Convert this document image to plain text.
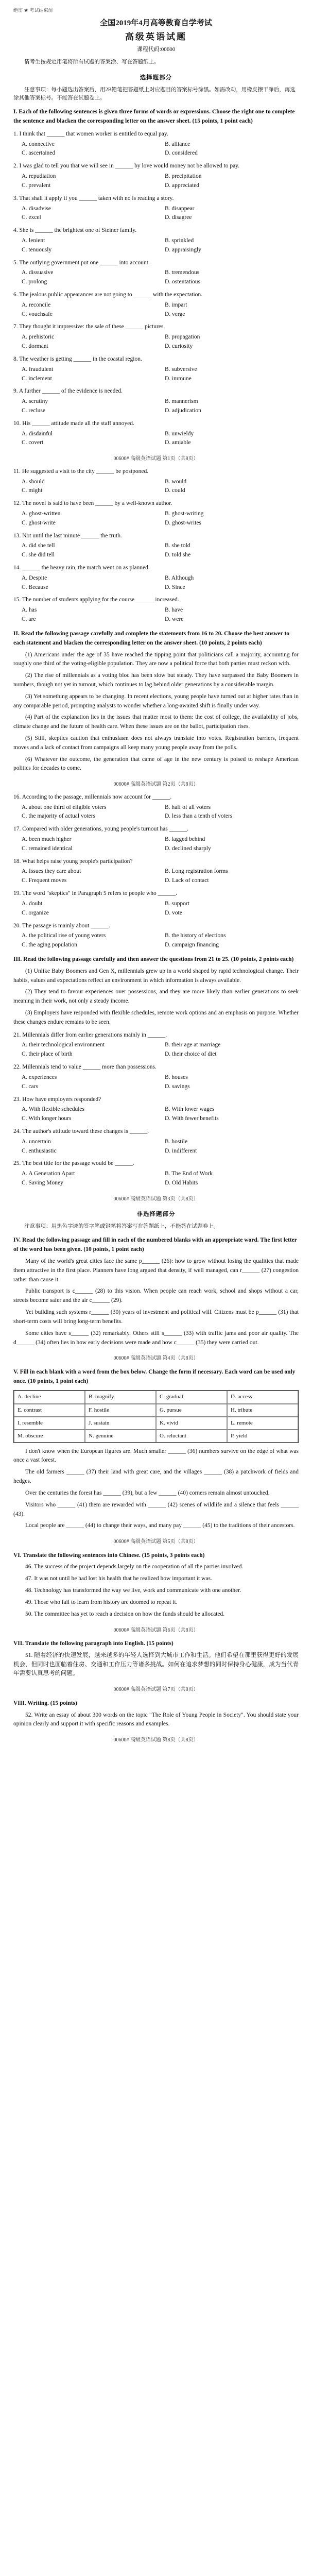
绝密 ★ 考试结束前
全国2019年4月高等教育自学考试
高级英语试题
课程代码:00600
请考生按规定用笔将所有试题的答案涂、写在答题纸上。
选择题部分
注意事项：每小题选出答案后，用2B铅笔把答题纸上对应题目的答案标号涂黑。如需改动，用橡皮擦干净后，再选涂其他答案标号。不能答在试题卷上。
I. Each of the following sentences is given three forms of words or expressions. Choose the right one to complete the sentence and blacken the corresponding letter on the answer sheet. (15 points, 1 point each)
1. I think that ______ that women worker is entitled to equal pay.
A. connective	B. alliance
C. ascertained	D. considered
2. I was glad to tell you that we will see in ______ by love would money not be allowed to pay.
A. repudiation	B. precipitation
C. prevalent	D. appreciated
3. That shall it apply if you ______ taken with no is reading a story.
A. disadvise	B. disappear
C. excel	D. disagree
4. She is ______ the brightest one of Steiner family.
A. lenient	B. sprinkled
C. tenuously	D. appraisingly
5. The outlying government put one ______ into account.
A. dissuasive	B. tremendous
C. prolong	D. ostentatious
6. The jealous public appearances are not going to ______ with the expectation.
A. reconcile	B. impart
C. vouchsafe	D. verge
7. They thought it impressive: the sale of these ______ pictures.
A. prehistoric	B. propagation
C. dormant	D. curiosity
8. The weather is getting ______ in the coastal region.
A. fraudulent	B. subversive
C. inclement	D. immune
9. A further ______ of the evidence is needed.
A. scrutiny	B. mannerism
C. recluse	D. adjudication
10. His ______ attitude made all the staff annoyed.
A. disdainful	B. unwieldy
C. covert	D. amiable
00600# 高级英语试题 第1页（共8页）
11. He suggested a visit to the city ______ be postponed.
A. should	B. would
C. might	D. could
12. The novel is said to have been ______ by a well-known author.
A. ghost-written	B. ghost-writing
C. ghost-write	D. ghost-writes
13. Not until the last minute ______ the truth.
A. did she tell	B. she told
C. she did tell	D. told she
14. ______ the heavy rain, the match went on as planned.
A. Despite	B. Although
C. Because	D. Since
15. The number of students applying for the course ______ increased.
A. has	B. have
C. are	D. were
II. Read the following passage carefully and complete the statements from 16 to 20. Choose the best answer to each statement and blacken the corresponding letter on the answer sheet. (10 points, 2 points each)
(1) Americans under the age of 35 have reached the tipping point that politicians call a majority, accounting for roughly one third of the voting-eligible population. They are now a political force that both parties must reckon with.
(2) The rise of millennials as a voting bloc has been slow but steady. They have surpassed the Baby Boomers in numbers, though not yet in turnout, which continues to lag behind older generations by a considerable margin.
(3) Yet something appears to be changing. In recent elections, young people have turned out at higher rates than in any comparable period, prompting analysts to wonder whether a long-awaited shift is finally under way.
(4) Part of the explanation lies in the issues that matter most to them: the cost of college, the availability of jobs, climate change and the future of health care. When these issues are on the ballot, participation rises.
(5) Still, skeptics caution that enthusiasm does not always translate into votes. Registration barriers, frequent moves and a lack of contact from campaigns all keep many young people away from the polls.
(6) Whatever the outcome, the generation that came of age in the new century is poised to reshape American politics for decades to come.
00600# 高级英语试题 第2页（共8页）
16. According to the passage, millennials now account for ______.
A. about one third of eligible voters	B. half of all voters
C. the majority of actual voters	D. less than a tenth of voters
17. Compared with older generations, young people's turnout has ______.
A. been much higher	B. lagged behind
C. remained identical	D. declined sharply
18. What helps raise young people's participation?
A. Issues they care about	B. Long registration forms
C. Frequent moves	D. Lack of contact
19. The word "skeptics" in Paragraph 5 refers to people who ______.
A. doubt	B. support
C. organize	D. vote
20. The passage is mainly about ______.
A. the political rise of young voters	B. the history of elections
C. the aging population	D. campaign financing
III. Read the following passage carefully and then answer the questions from 21 to 25. (10 points, 2 points each)
(1) Unlike Baby Boomers and Gen X, millennials grew up in a world shaped by rapid technological change. Their habits, values and expectations reflect an environment in which information is always available.
(2) They tend to favour experiences over possessions, and they are more likely than earlier generations to seek meaning in their work, not only a steady income.
(3) Employers have responded with flexible schedules, remote work options and an emphasis on purpose. Whether these changes endure remains to be seen.
21. Millennials differ from earlier generations mainly in ______.
A. their technological environment	B. their age at marriage
C. their place of birth	D. their choice of diet
22. Millennials tend to value ______ more than possessions.
A. experiences	B. houses
C. cars	D. savings
23. How have employers responded?
A. With flexible schedules	B. With lower wages
C. With longer hours	D. With fewer benefits
24. The author's attitude toward these changes is ______.
A. uncertain	B. hostile
C. enthusiastic	D. indifferent
25. The best title for the passage would be ______.
A. A Generation Apart	B. The End of Work
C. Saving Money	D. Old Habits
00600# 高级英语试题 第3页（共8页）
非选择题部分
注意事项：用黑色字迹的签字笔或钢笔将答案写在答题纸上，不能答在试题卷上。
IV. Read the following passage and fill in each of the numbered blanks with an appropriate word. The first letter of the word has been given. (10 points, 1 point each)
Many of the world's great cities face the same p______ (26): how to grow without losing the qualities that made them attractive in the first place. Planners have long argued that density, if well managed, can r______ (27) congestion rather than cause it.
Public transport is c______ (28) to this vision. When people can reach work, school and shops without a car, streets become safer and the air c______ (29).
Yet building such systems r______ (30) years of investment and political will. Citizens must be p______ (31) that short-term costs will bring long-term benefits.
Some cities have s______ (32) remarkably. Others still s______ (33) with traffic jams and poor air quality. The d______ (34) often lies in how early decisions were made and how c______ (35) they were carried out.
00600# 高级英语试题 第4页（共8页）
V. Fill in each blank with a word from the box below. Change the form if necessary. Each word can be used only once. (10 points, 1 point each)
A. decline	B. magnify	C. gradual	D. access
E. contrast	F. hostile	G. pursue	H. tribute
I. resemble	J. sustain	K. vivid	L. remote
M. obscure	N. genuine	O. reluctant	P. yield
I don't know when the European figures are. Much smaller ______ (36) numbers survive on the edge of what was once a vast forest.
The old farmers ______ (37) their land with great care, and the villages ______ (38) a patchwork of fields and hedges.
Over the centuries the forest has ______ (39), but a few ______ (40) corners remain almost untouched.
Visitors who ______ (41) them are rewarded with ______ (42) scenes of wildlife and a silence that feels ______ (43).
Local people are ______ (44) to change their ways, and many pay ______ (45) to the traditions of their ancestors.
00600# 高级英语试题 第5页（共8页）
VI. Translate the following sentences into Chinese. (15 points, 3 points each)
46. The success of the project depends largely on the cooperation of all the parties involved.
47. It was not until he had lost his health that he realized how important it was.
48. Technology has transformed the way we live, work and communicate with one another.
49. Those who fail to learn from history are doomed to repeat it.
50. The committee has yet to reach a decision on how the funds should be allocated.
00600# 高级英语试题 第6页（共8页）
VII. Translate the following paragraph into English. (15 points)
51. 随着经济的快速发展，越来越多的年轻人选择到大城市工作和生活。他们希望在那里获得更好的发展机会，但同时也面临着住房、交通和工作压力等诸多挑战。如何在追求梦想的同时保持身心健康，成为当代青年需要认真思考的问题。
00600# 高级英语试题 第7页（共8页）
VIII. Writing. (15 points)
52. Write an essay of about 300 words on the topic "The Role of Young People in Society". You should state your opinion clearly and support it with specific reasons and examples.
00600# 高级英语试题 第8页（共8页）
